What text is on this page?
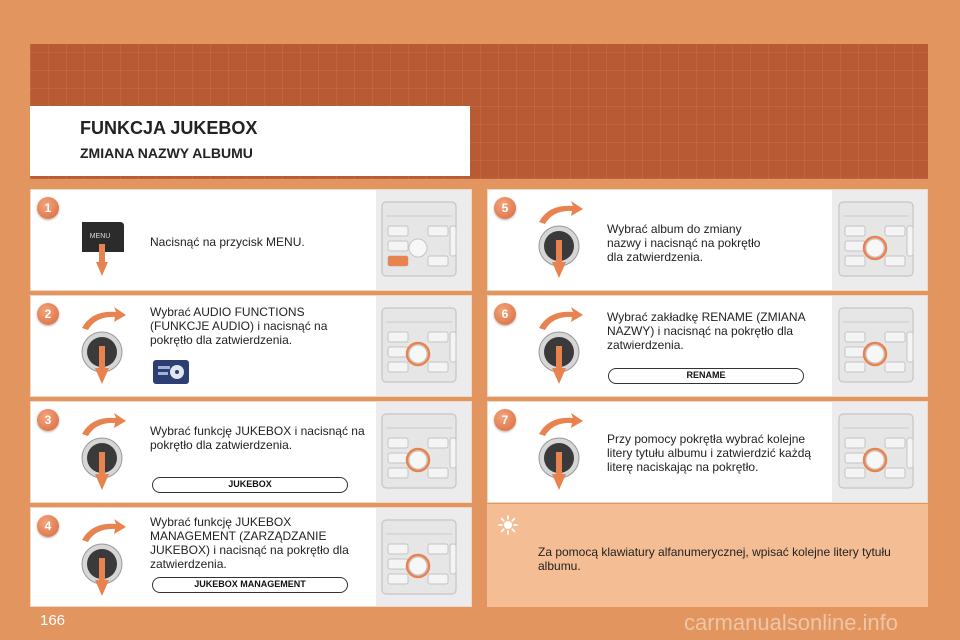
FUNKCJA JUKEBOX
ZMIANA NAZWY ALBUMU
1
Nacisnąć na przycisk MENU.
MENU
2	Wybrać AUDIO FUNCTIONS (FUNKCJE AUDIO) i nacisnąć na pokrętło dla zatwierdzenia.
3
Wybrać funkcję JUKEBOX i nacisnąć na pokrętło dla zatwierdzenia.
JUKEBOX
4	Wybrać funkcję JUKEBOX MANAGEMENT (ZARZĄDZANIE JUKEBOX) i nacisnąć na pokrętło dla zatwierdzenia.
JUKEBOX MANAGEMENT
5
Wybrać album do zmiany nazwy i nacisnąć na pokrętło dla zatwierdzenia.
6	Wybrać zakładkę RENAME (ZMIANA NAZWY) i nacisnąć na pokrętło dla zatwierdzenia.
RENAME
7
Przy pomocy pokrętła wybrać kolejne litery tytułu albumu i zatwierdzić każdą literę naciskając na pokrętło.
Za pomocą klawiatury alfanumerycznej, wpisać kolejne litery tytułu albumu.
166	carmanualsonline.info
